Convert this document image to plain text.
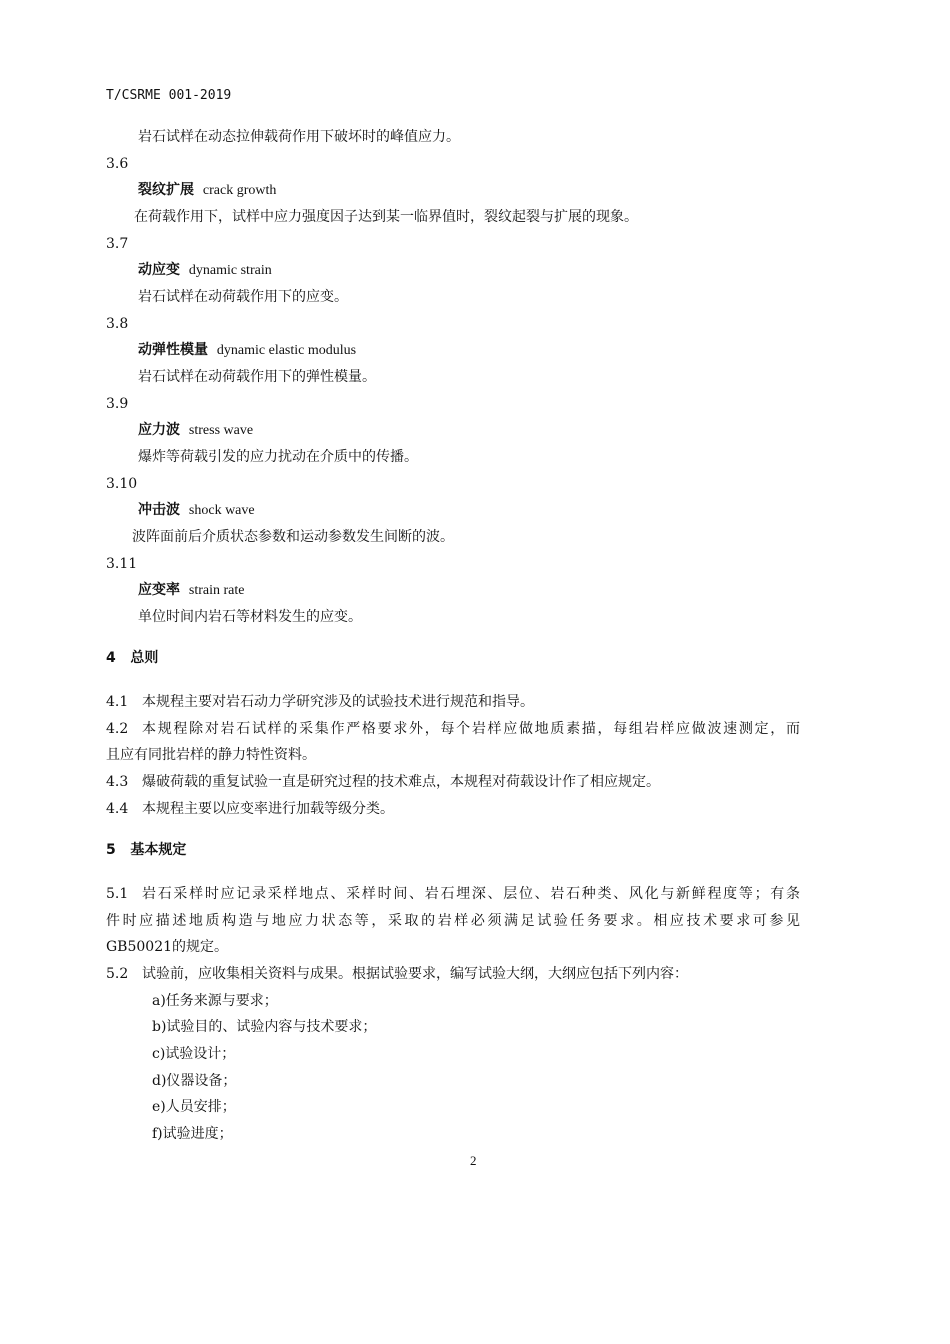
T/CSRME 001-2019
岩石试样在动态拉伸载荷作用下破坏时的峰值应力。
3.6
裂纹扩展 crack growth
在荷载作用下，试样中应力强度因子达到某一临界值时，裂纹起裂与扩展的现象。
3.7
动应变 dynamic strain
岩石试样在动荷载作用下的应变。
3.8
动弹性模量 dynamic elastic modulus
岩石试样在动荷载作用下的弹性模量。
3.9
应力波 stress wave
爆炸等荷载引发的应力扰动在介质中的传播。
3.10
冲击波 shock wave
波阵面前后介质状态参数和运动参数发生间断的波。
3.11
应变率 strain rate
单位时间内岩石等材料发生的应变。
4 总则
4.1 本规程主要对岩石动力学研究涉及的试验技术进行规范和指导。
4.2 本规程除对岩石试样的采集作严格要求外，每个岩样应做地质素描，每组岩样应做波速测定，而
且应有同批岩样的静力特性资料。
4.3 爆破荷载的重复试验一直是研究过程的技术难点，本规程对荷载设计作了相应规定。
4.4 本规程主要以应变率进行加载等级分类。
5 基本规定
5.1 岩石采样时应记录采样地点、采样时间、岩石埋深、层位、岩石种类、风化与新鲜程度等；有条
件时应描述地质构造与地应力状态等，采取的岩样必须满足试验任务要求。相应技术要求可参见
GB50021的规定。
5.2 试验前，应收集相关资料与成果。根据试验要求，编写试验大纲，大纲应包括下列内容：
a)任务来源与要求；
b)试验目的、试验内容与技术要求；
c)试验设计；
d)仪器设备；
e)人员安排；
f)试验进度；
2
